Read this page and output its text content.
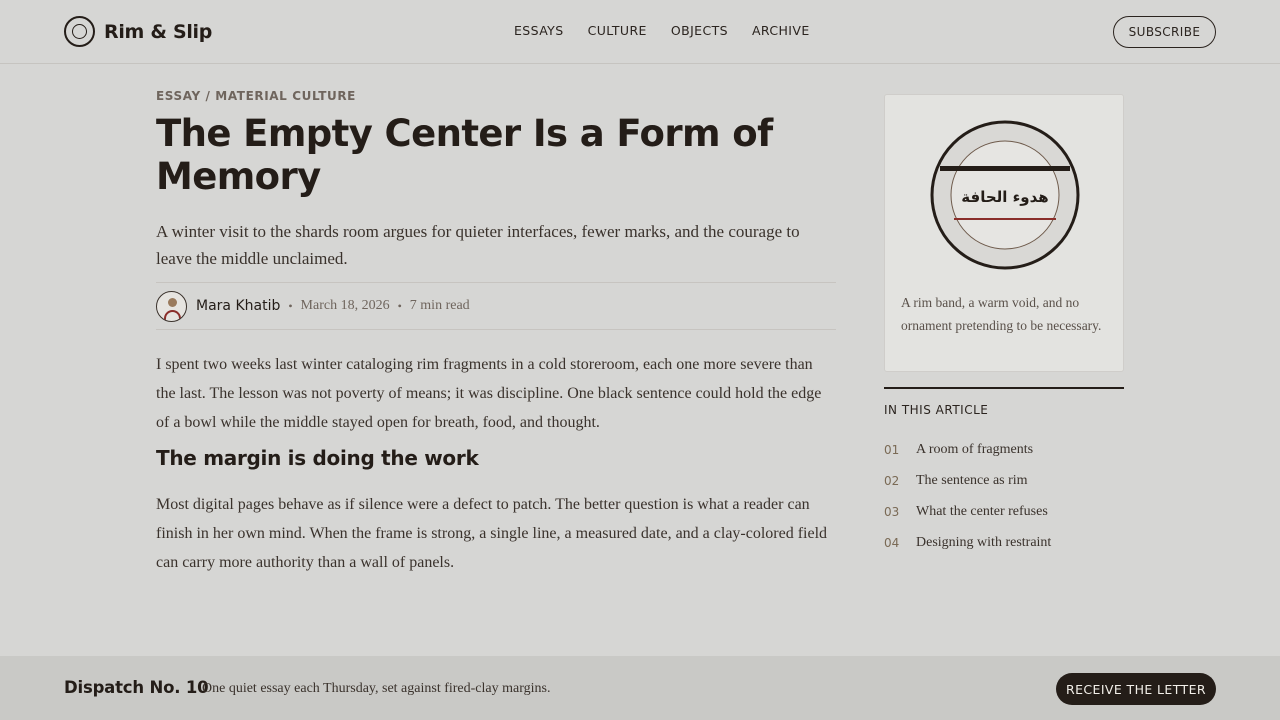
Rim & Slip	ESSAYS CULTURE OBJECTS ARCHIVE	SUBSCRIBE
ESSAY / MATERIAL CULTURE
The Empty Center Is a Form of Memory

A winter visit to the shards room argues for quieter interfaces, fewer marks, and the courage to leave the middle unclaimed.

Mara Khatib • March 18, 2026 • 7 min read

I spent two weeks last winter cataloging rim fragments in a cold storeroom, each one more severe than the last. The lesson was not poverty of means; it was discipline. One black sentence could hold the edge of a bowl while the middle stayed open for breath, food, and thought.

The margin is doing the work

Most digital pages behave as if silence were a defect to patch. The better question is what a reader can finish in her own mind. When the frame is strong, a single line, a measured date, and a clay-colored field can carry more authority than a wall of panels.

هدوء الحافة

A rim band, a warm void, and no ornament pretending to be necessary.

IN THIS ARTICLE
01	A room of fragments
02	The sentence as rim
03	What the center refuses
04	Designing with restraint
Dispatch No. 10
One quiet essay each Thursday, set against fired-clay margins.	RECEIVE THE LETTER
